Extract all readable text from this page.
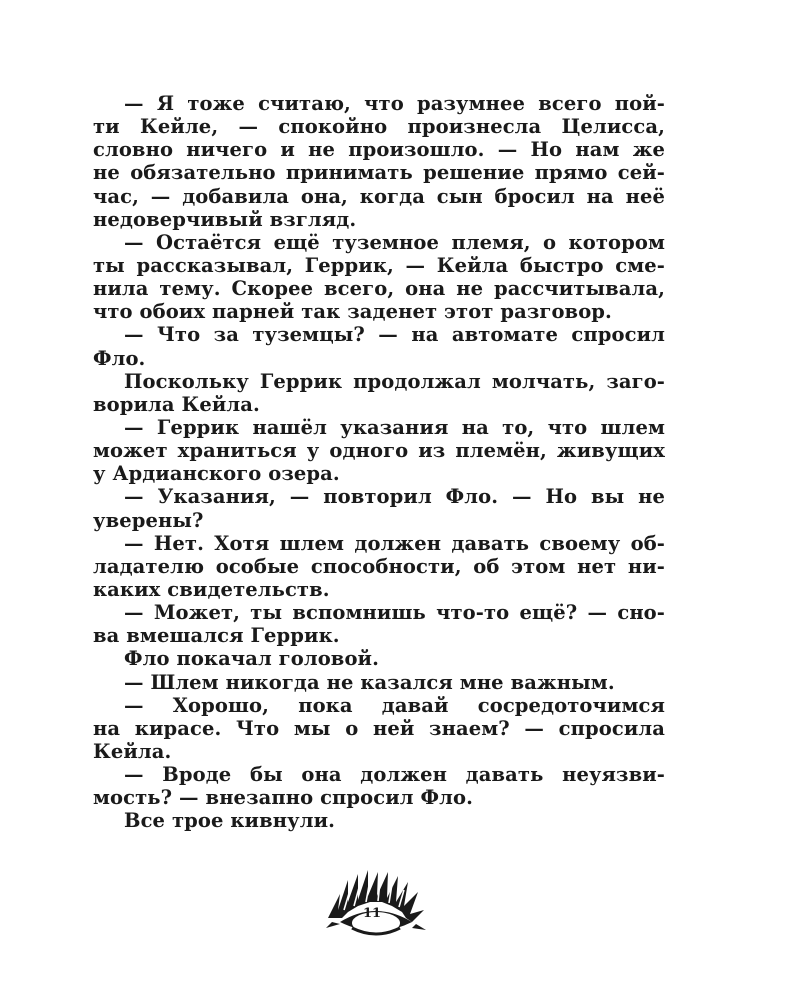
— Я тоже считаю, что разумнее всего пой-
ти Кейле, — спокойно произнесла Целисса,
словно ничего и не произошло. — Но нам же
не обязательно принимать решение прямо сей-
час, — добавила она, когда сын бросил на неё
недоверчивый взгляд.
— Остаётся ещё туземное племя, о котором
ты рассказывал, Геррик, — Кейла быстро сме-
нила тему. Скорее всего, она не рассчитывала,
что обоих парней так заденет этот разговор.
— Что за туземцы? — на автомате спросил
Фло.
Поскольку Геррик продолжал молчать, заго-
ворила Кейла.
— Геррик нашёл указания на то, что шлем
может храниться у одного из племён, живущих
у Ардианского озера.
— Указания, — повторил Фло. — Но вы не
уверены?
— Нет. Хотя шлем должен давать своему об-
ладателю особые способности, об этом нет ни-
каких свидетельств.
— Может, ты вспомнишь что-то ещё? — сно-
ва вмешался Геррик.
Фло покачал головой.
— Шлем никогда не казался мне важным.
— Хорошо, пока давай сосредоточимся
на кирасе. Что мы о ней знаем? — спросила
Кейла.
— Вроде бы она должен давать неуязви-
мость? — внезапно спросил Фло.
Все трое кивнули.
11
